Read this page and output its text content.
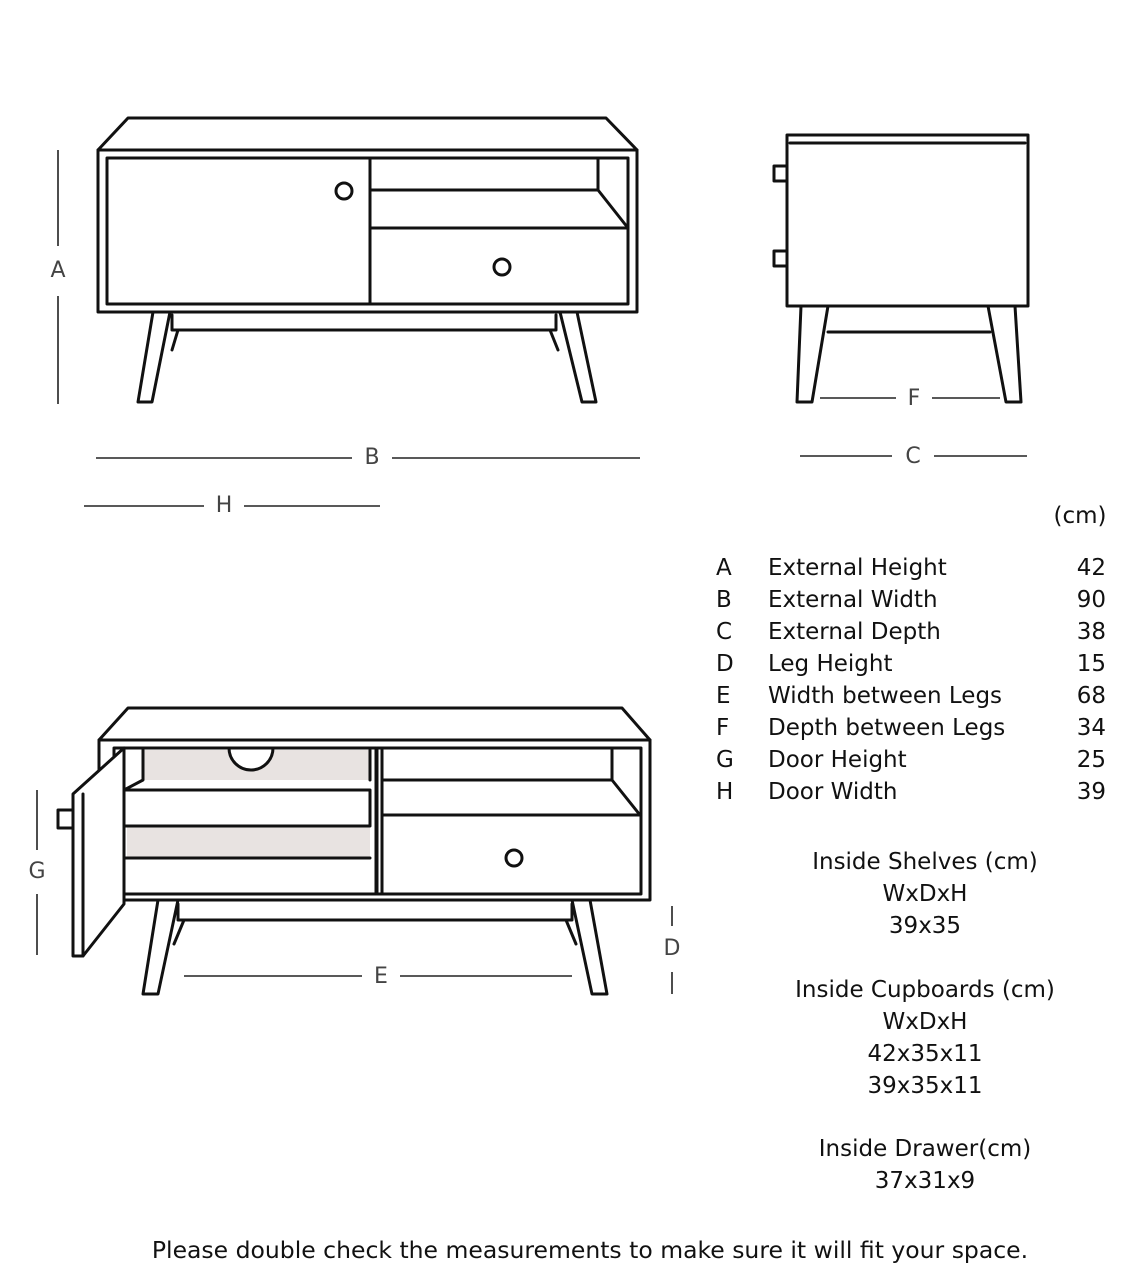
A
B
H
F
C
G
E
D
(cm)
A External Height	42
B External Width	90
C External Depth	38
D Leg Height	15
E Width between Legs	68
F Depth between Legs	34
G Door Height	25
H Door Width	39
Inside Shelves (cm)
WxDxH
39x35
Inside Cupboards (cm)
WxDxH
42x35x11
39x35x11
Inside Drawer(cm)
37x31x9
Please double check the measurements to make sure it will fit your space.
